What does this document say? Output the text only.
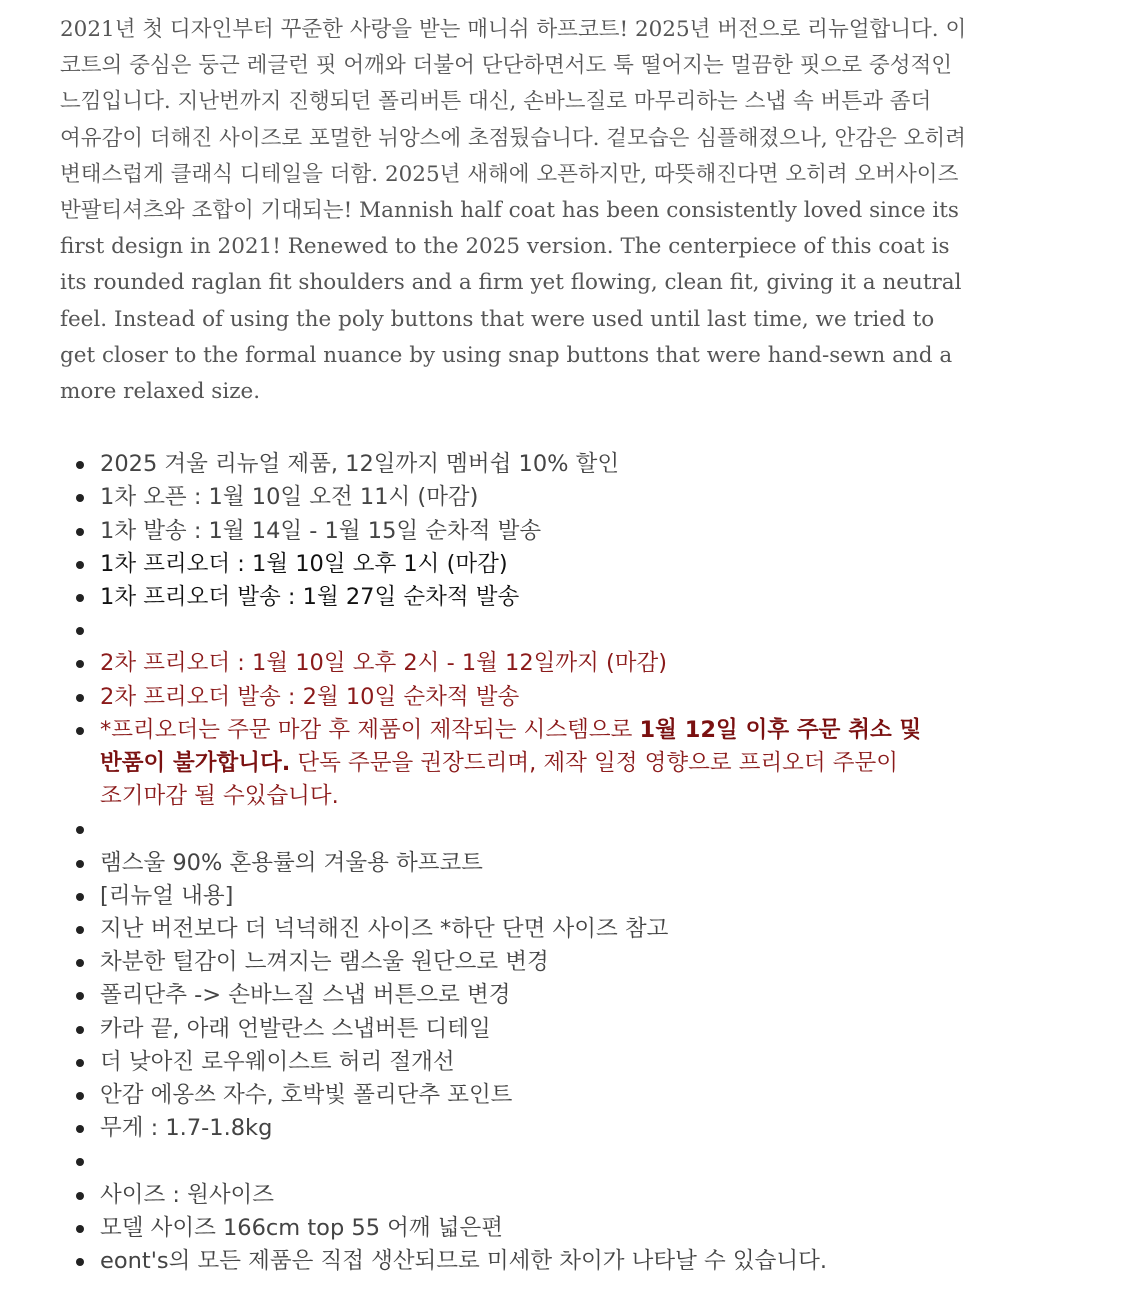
2021년 첫 디자인부터 꾸준한 사랑을 받는 매니쉬 하프코트! 2025년 버전으로 리뉴얼합니다. 이 코트의 중심은 둥근 레글런 핏 어깨와 더불어 단단하면서도 툭 떨어지는 멀끔한 핏으로 중성적인 느낌입니다. 지난번까지 진행되던 폴리버튼 대신, 손바느질로 마무리하는 스냅 속 버튼과 좀더 여유감이 더해진 사이즈로 포멀한 뉘앙스에 초점뒀습니다. 겉모습은 심플해졌으나, 안감은 오히려 변태스럽게 클래식 디테일을 더함. 2025년 새해에 오픈하지만, 따뜻해진다면 오히려 오버사이즈 반팔티셔츠와 조합이 기대되는! Mannish half coat has been consistently loved since its first design in 2021! Renewed to the 2025 version. The centerpiece of this coat is its rounded raglan fit shoulders and a firm yet flowing, clean fit, giving it a neutral feel. Instead of using the poly buttons that were used until last time, we tried to get closer to the formal nuance by using snap buttons that were hand-sewn and a more relaxed size.

2025 겨울 리뉴얼 제품, 12일까지 멤버쉽 10% 할인
1차 오픈 : 1월 10일 오전 11시 (마감)
1차 발송 : 1월 14일 - 1월 15일 순차적 발송
1차 프리오더 : 1월 10일 오후 1시 (마감)
1차 프리오더 발송 : 1월 27일 순차적 발송
2차 프리오더 : 1월 10일 오후 2시 - 1월 12일까지 (마감)
2차 프리오더 발송 : 2월 10일 순차적 발송
*프리오더는 주문 마감 후 제품이 제작되는 시스템으로 1월 12일 이후 주문 취소 및 반품이 불가합니다. 단독 주문을 권장드리며, 제작 일정 영향으로 프리오더 주문이 조기마감 될 수있습니다.
램스울 90% 혼용률의 겨울용 하프코트
[리뉴얼 내용]
지난 버전보다 더 넉넉해진 사이즈 *하단 단면 사이즈 참고
차분한 털감이 느껴지는 램스울 원단으로 변경
폴리단추 -> 손바느질 스냅 버튼으로 변경
카라 끝, 아래 언발란스 스냅버튼 디테일
더 낮아진 로우웨이스트 허리 절개선
안감 에옹쓰 자수, 호박빛 폴리단추 포인트
무게 : 1.7-1.8kg
사이즈 : 원사이즈
모델 사이즈 166cm top 55 어깨 넓은편
eont's의 모든 제품은 직접 생산되므로 미세한 차이가 나타날 수 있습니다.
